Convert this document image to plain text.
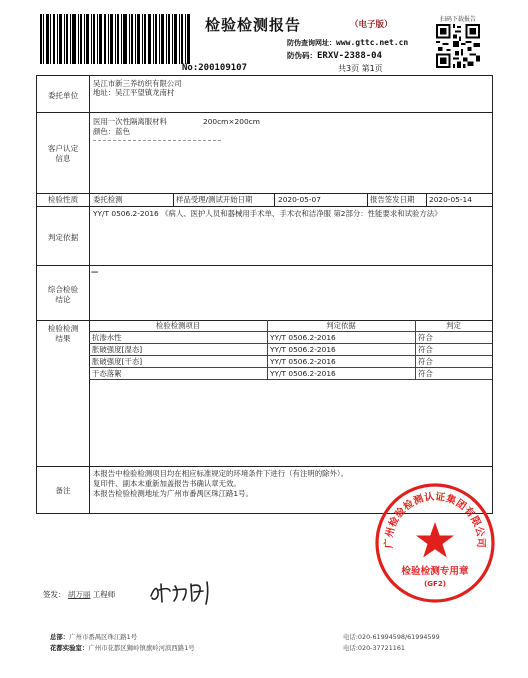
No:200109107
检验检测报告	（电子版）
防伪查询网址：www.gttc.net.cn
防伪码：ERXV-2388-04
共3页 第1页
扫码下载报告
委托单位
吴江市新三养纺织有限公司
地址：吴江平望镇龙南村
客户认定
信息
医用一次性隔离服材料	200cm×200cm
颜色：蓝色
检验性质	委托检测	样品受理/测试开始日期	2020-05-07	报告签发日期 2020-05-14
判定依据
YY/T 0506.2-2016 《病人、医护人员和器械用手术单、手术衣和洁净服 第2部分：性能要求和试验方法》
综合检验
结论
—
检验检测
结果
检验检测项目	判定依据	判定
抗渗水性	YY/T 0506.2-2016	符合
胀破强度[湿态]	YY/T 0506.2-2016	符合
胀破强度[干态]	YY/T 0506.2-2016	符合
干态落絮	YY/T 0506.2-2016	符合
备注
本报告中检验检测项目均在相应标准规定的环境条件下进行（有注明的除外）。
复印件、副本未重新加盖报告书确认章无效。
本报告检验检测地址为广州市番禺区珠江路1号。
广州检验检测认证集团有限公司
检验检测专用章
(GF2)
签发： 胡万丽 工程师
总部：广州市番禺区珠江路1号	电话:020-61994598/61994599
花都实验室：广州市花都区狮岭镇旗岭河滨西路1号	电话:020-37721161
